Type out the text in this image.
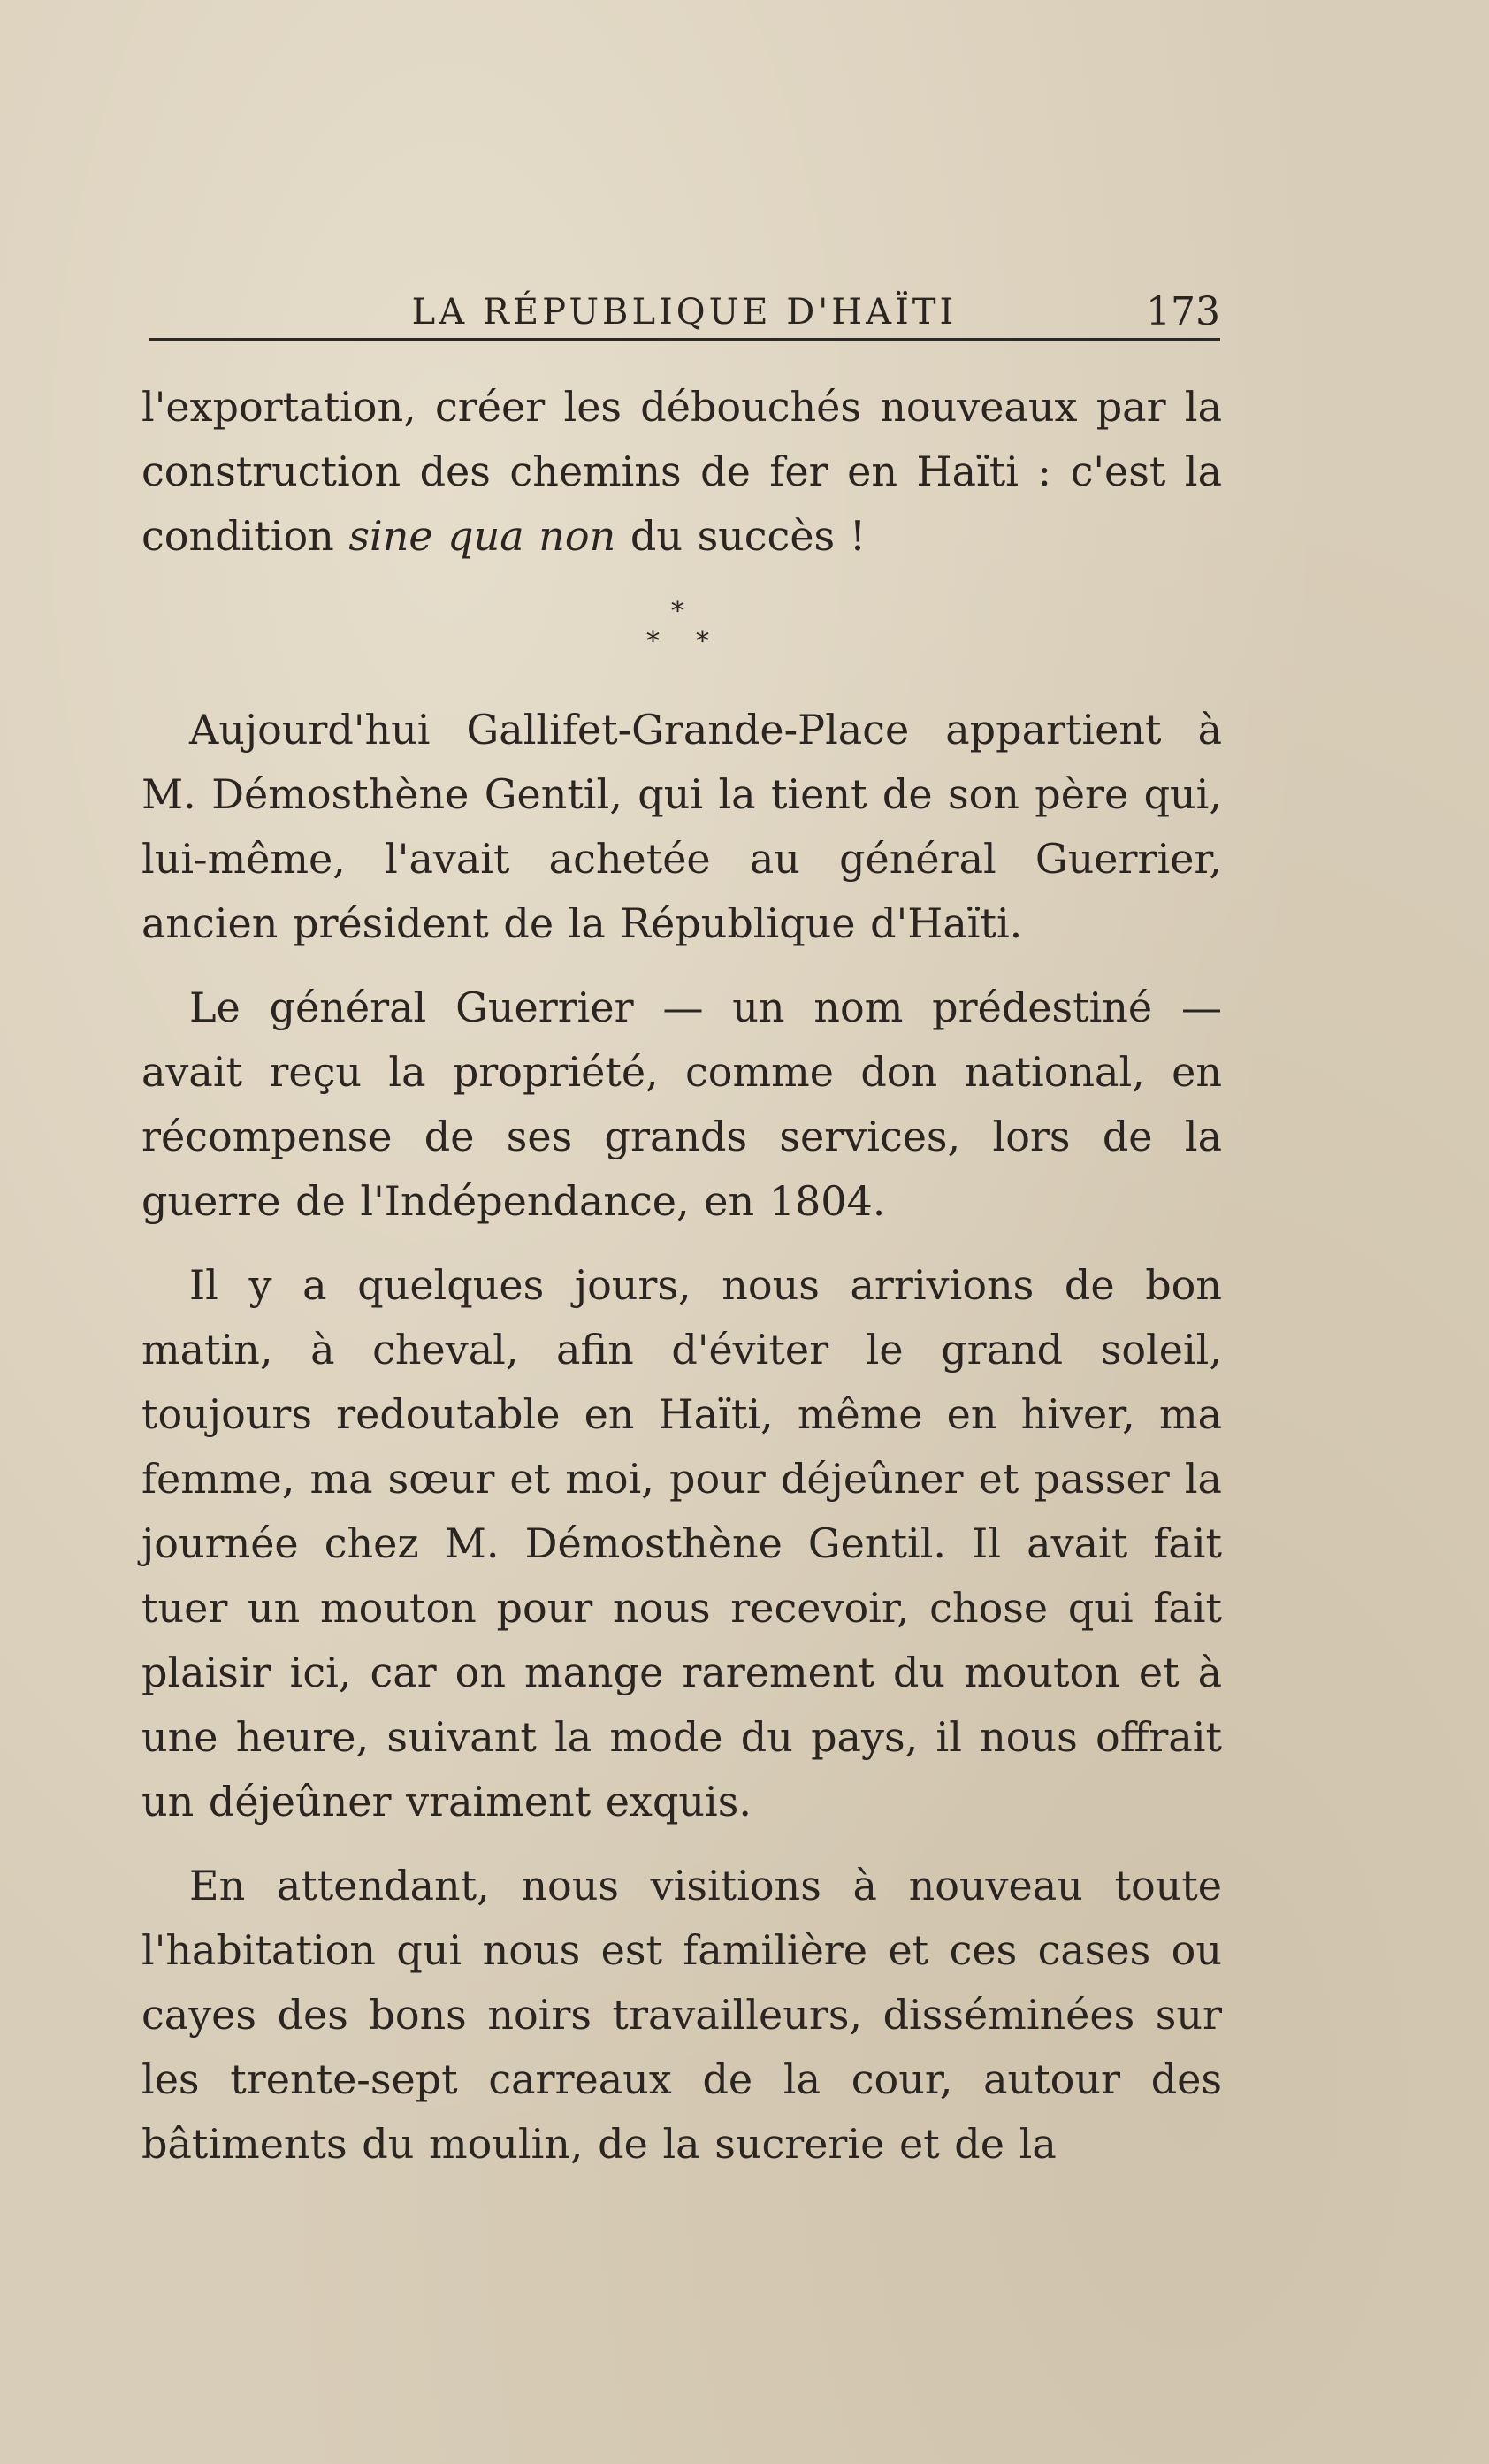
LA RÉPUBLIQUE D'HAÏTI	173

l'exportation, créer les débouchés nouveaux par la construction des chemins de fer en Haïti : c'est la condition sine qua non du succès !

*
* *

Aujourd'hui Gallifet-Grande-Place appartient à M. Démosthène Gentil, qui la tient de son père qui, lui-même, l'avait achetée au général Guerrier, ancien président de la République d'Haïti.

Le général Guerrier — un nom prédestiné — avait reçu la propriété, comme don national, en récompense de ses grands services, lors de la guerre de l'Indépendance, en 1804.

Il y a quelques jours, nous arrivions de bon matin, à cheval, afin d'éviter le grand soleil, toujours redoutable en Haïti, même en hiver, ma femme, ma sœur et moi, pour déjeûner et passer la journée chez M. Démosthène Gentil. Il avait fait tuer un mouton pour nous recevoir, chose qui fait plaisir ici, car on mange rarement du mouton et à une heure, suivant la mode du pays, il nous offrait un déjeûner vraiment exquis.

En attendant, nous visitions à nouveau toute l'habitation qui nous est familière et ces cases ou cayes des bons noirs travailleurs, disséminées sur les trente-sept carreaux de la cour, autour des bâtiments du moulin, de la sucrerie et de la
